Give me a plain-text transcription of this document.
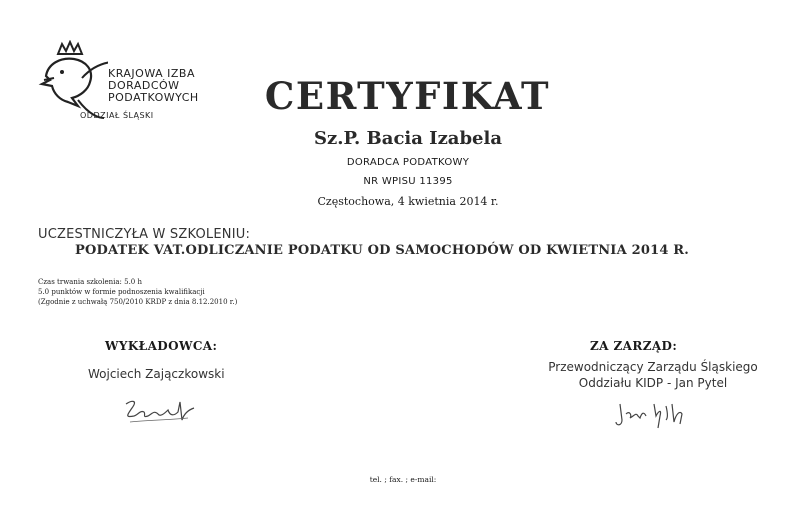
KRAJOWA IZBA
DORADCÓW
PODATKOWYCH
ODDZIAŁ ŚLĄSKI	CERTYFIKAT
Sz.P. Bacia Izabela
DORADCA PODATKOWY
NR WPISU 11395
Częstochowa, 4 kwietnia 2014 r.
UCZESTNICZYŁA W SZKOLENIU:
PODATEK VAT.ODLICZANIE PODATKU OD SAMOCHODÓW OD KWIETNIA 2014 R.
Czas trwania szkolenia: 5.0 h
5.0 punktów w formie podnoszenia kwalifikacji
(Zgodnie z uchwałą 750/2010 KRDP z dnia 8.12.2010 r.)
WYKŁADOWCA:
Wojciech Zajączkowski
ZA ZARZĄD:
Przewodniczący Zarządu Śląskiego
Oddziału KIDP - Jan Pytel
tel. ; fax. ; e-mail:
